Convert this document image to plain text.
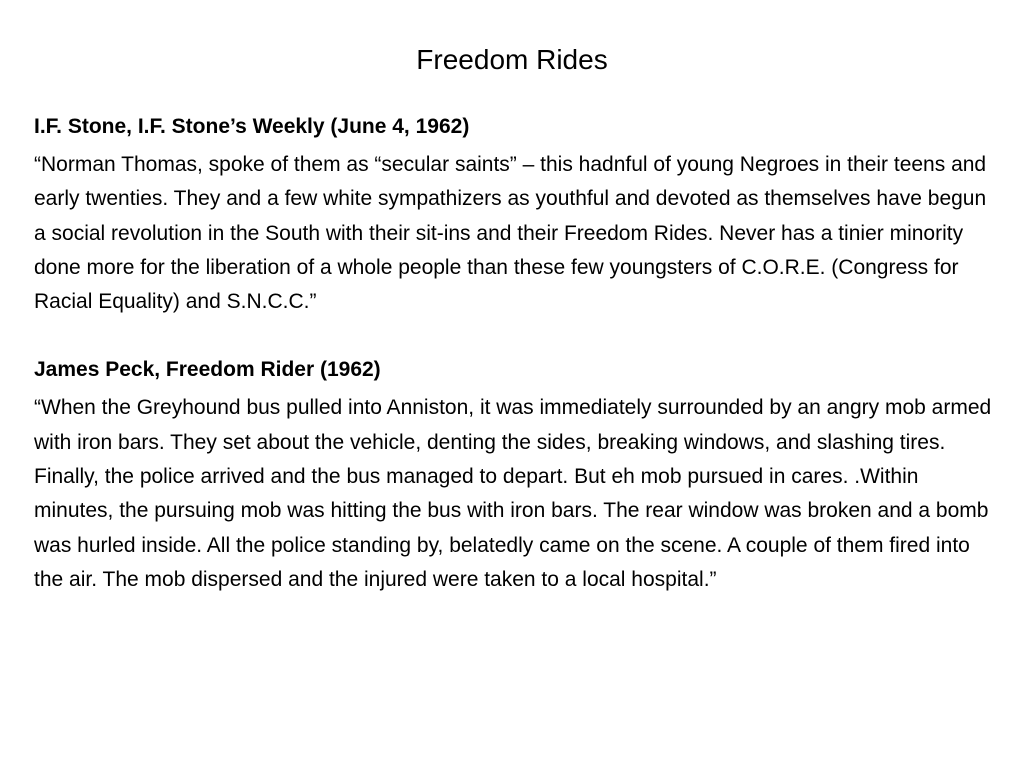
Freedom Rides

I.F. Stone, I.F. Stone’s Weekly (June 4, 1962)

“Norman Thomas, spoke of them as “secular saints” – this hadnful of young Negroes in their teens and early twenties. They and a few white sympathizers as youthful and devoted as themselves have begun a social revolution in the South with their sit-ins and their Freedom Rides. Never has a tinier minority done more for the liberation of a whole people than these few youngsters of C.O.R.E. (Congress for Racial Equality) and S.N.C.C.”

James Peck, Freedom Rider (1962)

“When the Greyhound bus pulled into Anniston, it was immediately surrounded by an angry mob armed with iron bars. They set about the vehicle, denting the sides, breaking windows, and slashing tires. Finally, the police arrived and the bus managed to depart. But eh mob pursued in cares. .Within minutes, the pursuing mob was hitting the bus with iron bars. The rear window was broken and a bomb was hurled inside. All the police standing by, belatedly came on the scene. A couple of them fired into the air. The mob dispersed and the injured were taken to a local hospital.”
